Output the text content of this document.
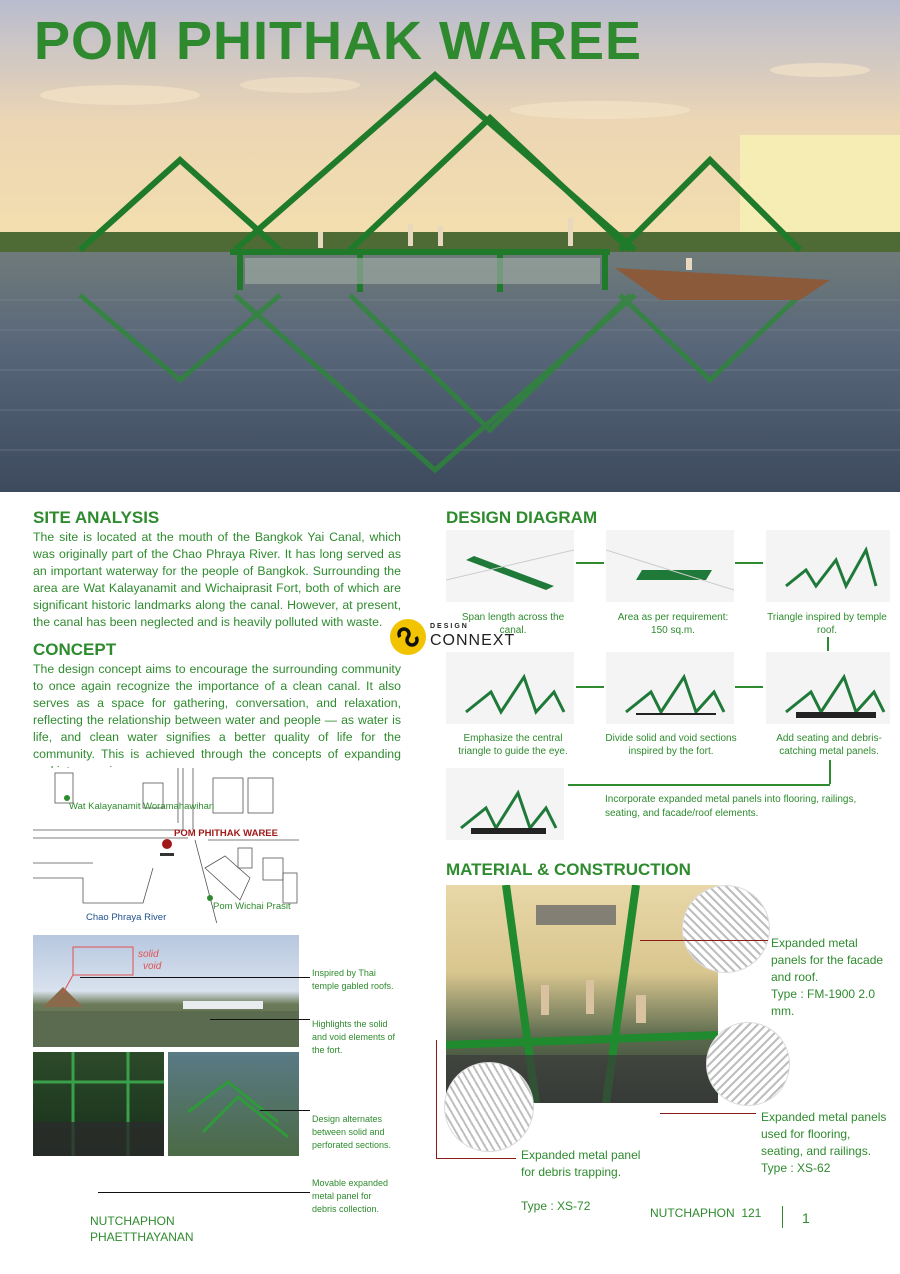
POM PHITHAK WAREE
SITE ANALYSIS
The site is located at the mouth of the Bangkok Yai Canal, which was originally part of the Chao Phraya River. It has long served as an important waterway for the people of Bangkok. Surrounding the area are Wat Kalayanamit and Wichaiprasit Fort, both of which are significant historic landmarks along the canal. However, at present, the canal has been neglected and is heavily polluted with waste.
CONCEPT
The design concept aims to encourage the surrounding community to once again recognize the importance of a clean canal. It also serves as a space for gathering, conversation, and relaxation, reflecting the relationship between water and people — as water is life, and clean water signifies a better quality of life for the community. This is achieved through the concepts of expanding
DESIGN
CONNEXT
Wat Kalayanamit Woramahawihan
POM PHITHAK WAREE
Chao Phraya River
Pom Wichai Prasit
solid
void
Inspired by Thai temple gabled roofs.
Highlights the solid and void elements of the fort.
Design alternates between solid and perforated sections.
Movable expanded metal panel for debris collection.
NUTCHAPHON
PHAETTHAYANAN
DESIGN DIAGRAM
Span length across the canal.
Area as per requirement: 150 sq.m.
Triangle inspired by temple roof.
Emphasize the central triangle to guide the eye.
Divide solid and void sections inspired by the fort.
Add seating and debris-catching metal panels.
Incorporate expanded metal panels into flooring, railings, seating, and facade/roof elements.
MATERIAL & CONSTRUCTION
Expanded metal panels for the facade and roof.
Type : FM-1900 2.0 mm.
Expanded metal panels used for flooring, seating, and railings.
Type : XS-62
Expanded metal panel for debris trapping.
Type : XS-72	NUTCHAPHON  121	1
